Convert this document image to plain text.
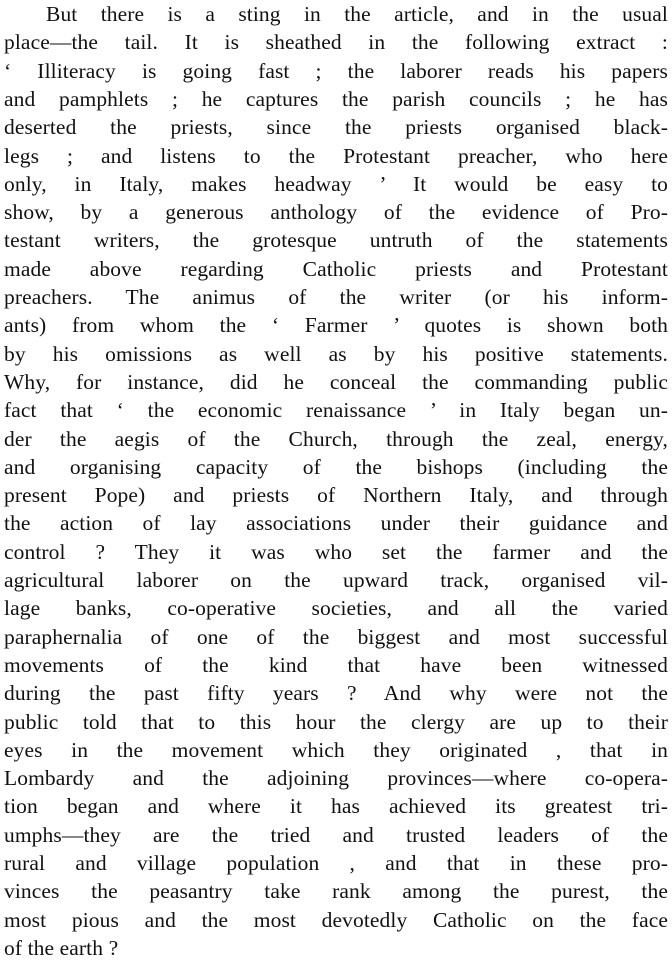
But there is a sting in the article, and in the usual
place—the tail. It is sheathed in the following extract :
‘ Illiteracy is going fast ; the laborer reads his papers
and pamphlets ; he captures the parish councils ; he has
deserted the priests, since the priests organised black-
legs ; and listens to the Protestant preacher, who here
only, in Italy, makes headway ’ It would be easy to
show, by a generous anthology of the evidence of Pro-
testant writers, the grotesque untruth of the statements
made above regarding Catholic priests and Protestant
preachers. The animus of the writer (or his inform-
ants) from whom the ‘ Farmer ’ quotes is shown both
by his omissions as well as by his positive statements.
Why, for instance, did he conceal the commanding public
fact that ‘ the economic renaissance ’ in Italy began un-
der the aegis of the Church, through the zeal, energy,
and organising capacity of the bishops (including the
present Pope) and priests of Northern Italy, and through
the action of lay associations under their guidance and
control ? They it was who set the farmer and the
agricultural laborer on the upward track, organised vil-
lage banks, co-operative societies, and all the varied
paraphernalia of one of the biggest and most successful
movements of the kind that have been witnessed
during the past fifty years ? And why were not the
public told that to this hour the clergy are up to their
eyes in the movement which they originated , that in
Lombardy and the adjoining provinces—where co-opera-
tion began and where it has achieved its greatest tri-
umphs—they are the tried and trusted leaders of the
rural and village population , and that in these pro-
vinces the peasantry take rank among the purest, the
most pious and the most devotedly Catholic on the face
of the earth ?
